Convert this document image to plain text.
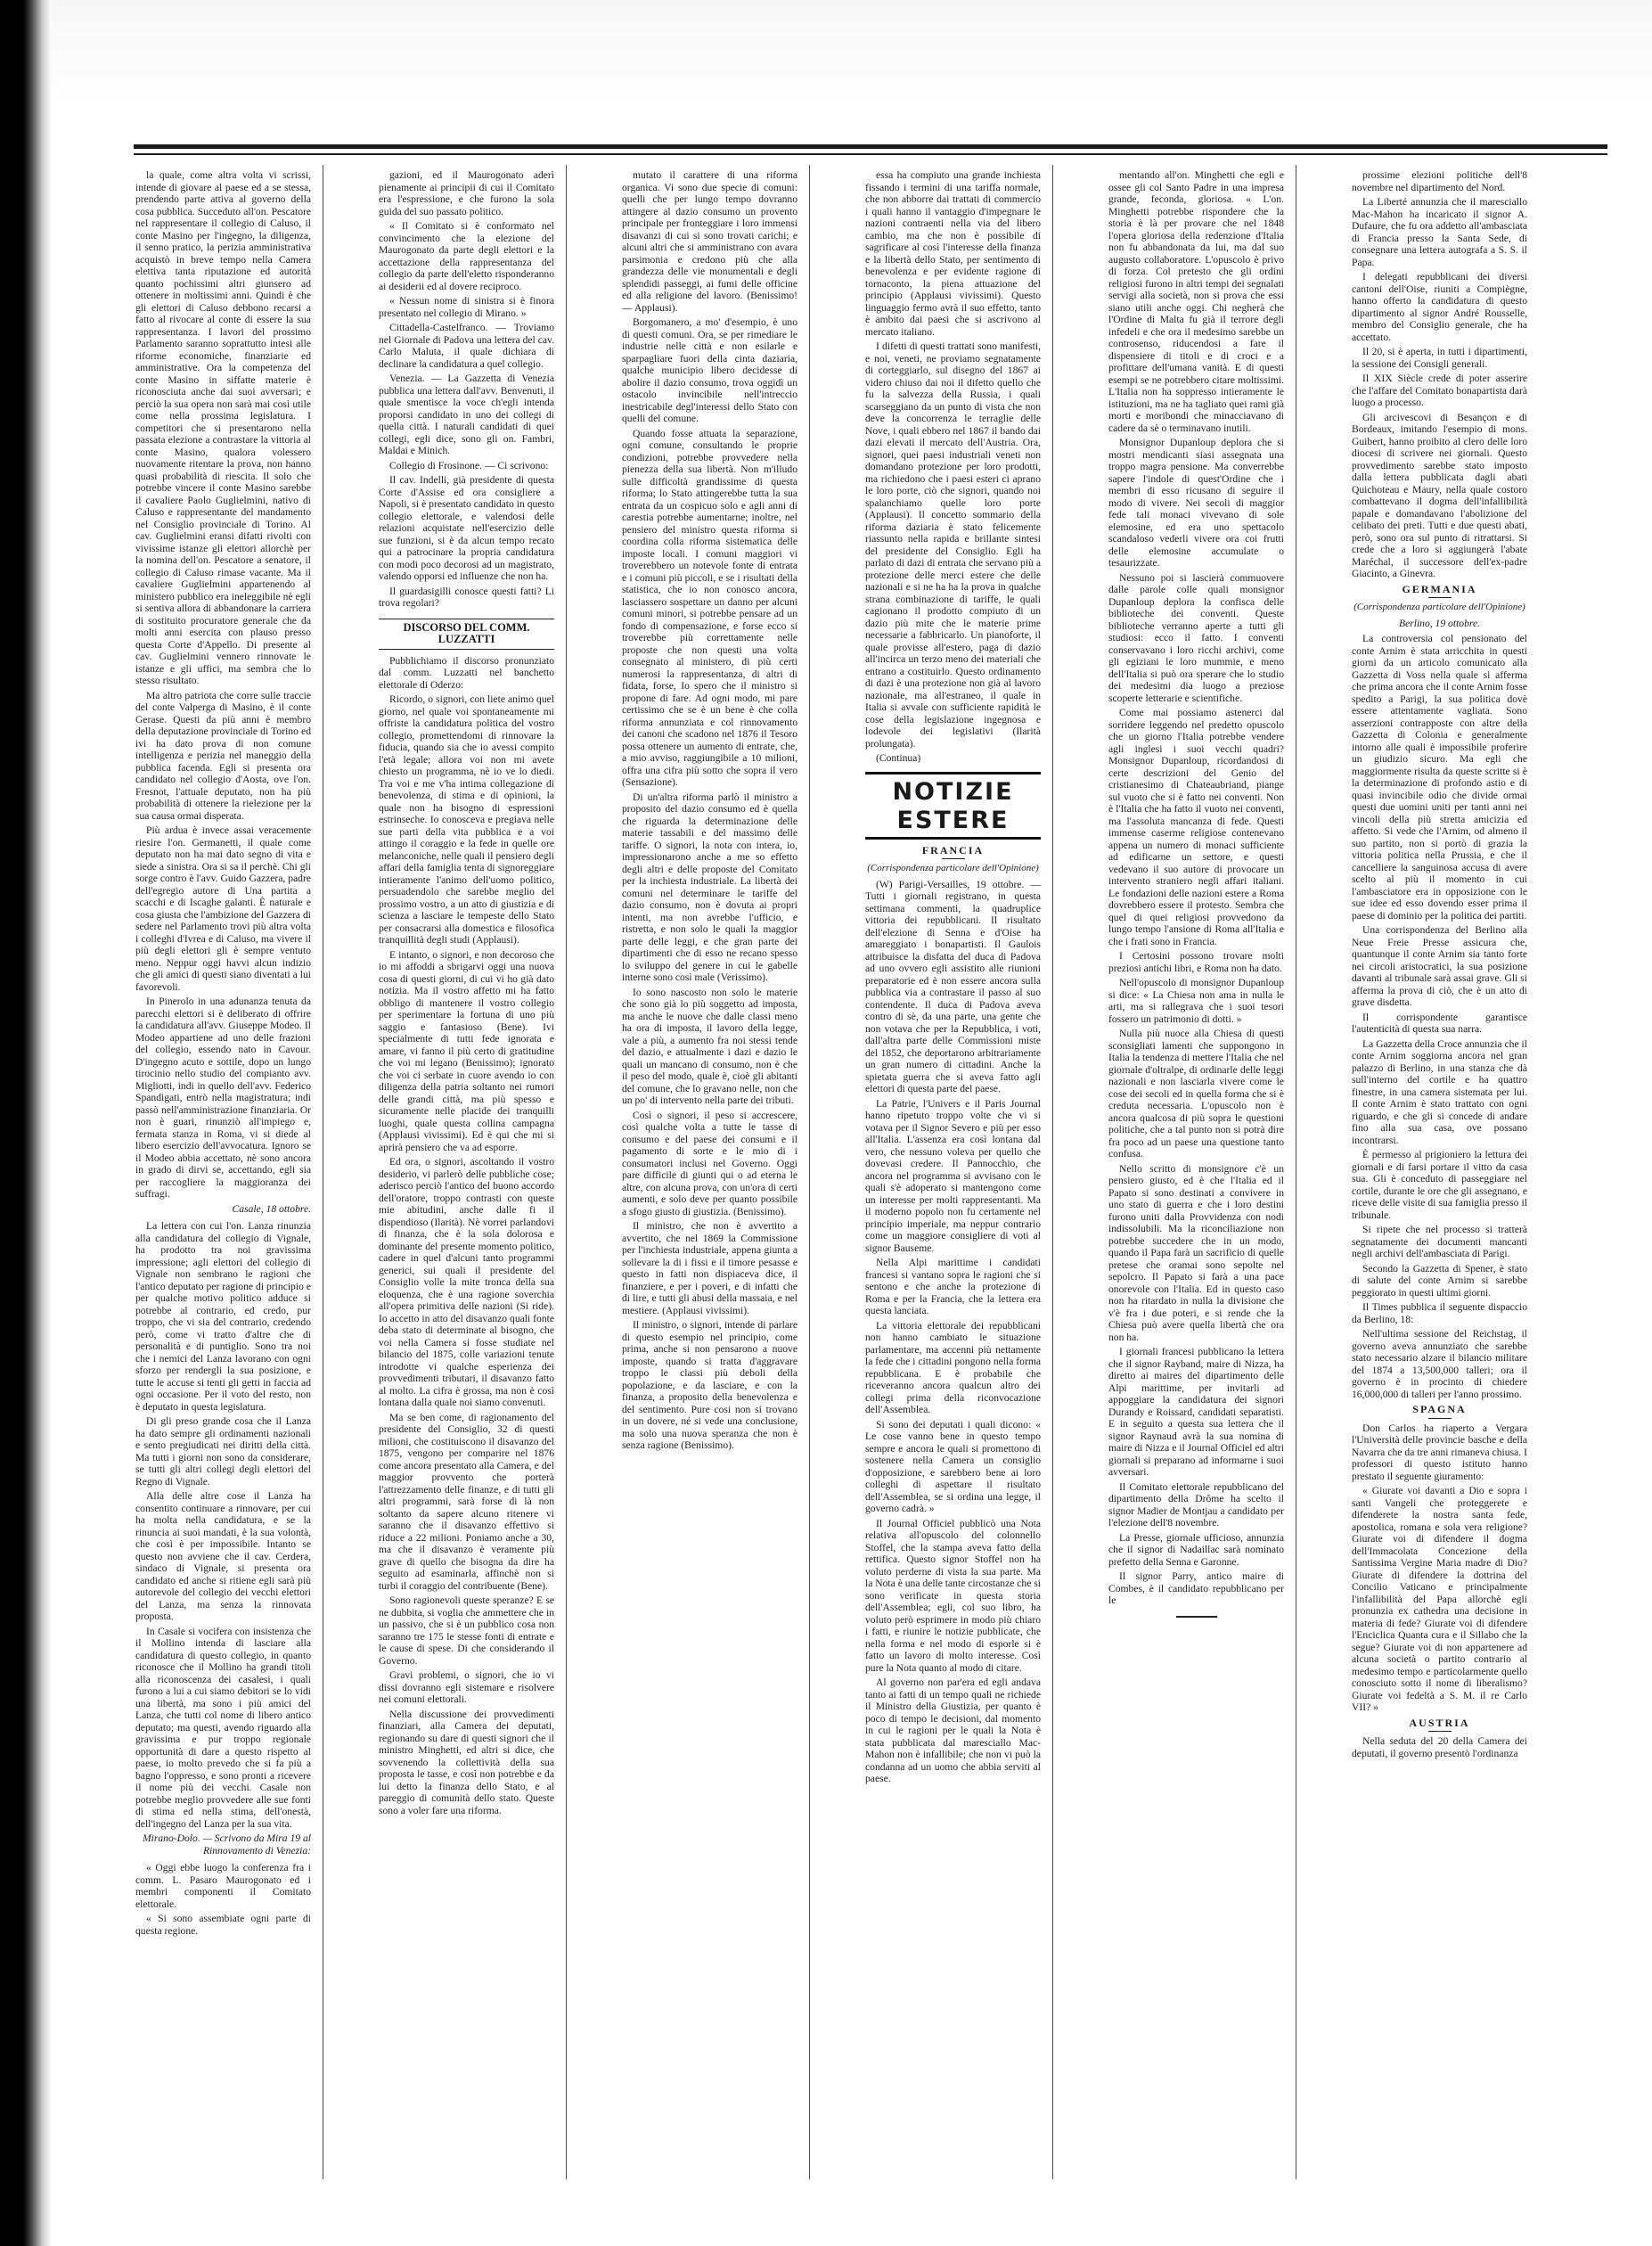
la quale, come altra volta vi scrissi, intende di giovare al paese ed a se stessa, prendendo parte attiva al governo della cosa pubblica. Succeduto all'on. Pescatore nel rappresentare il collegio di Caluso, il conte Masino per l'ingegno, la diligenza, il senno pratico, la perizia amministrativa acquistò in breve tempo nella Camera elettiva tanta riputazione ed autorità quanto pochissimi altri giunsero ad ottenere in moltissimi anni. Quindi è che gli elettori di Caluso debbono recarsi a fatto al rivocare al conte di essere la sua rappresentanza. I lavori del prossimo Parlamento saranno soprattutto intesi alle riforme economiche, finanziarie ed amministrative. Ora la competenza del conte Masino in siffatte materie è riconosciuta anche dai suoi avversari; e perciò la sua opera non sarà mai così utile come nella prossima legislatura. I competitori che si presentarono nella passata elezione a contrastare la vittoria al conte Masino, qualora volessero nuovamente ritentare la prova, non hanno quasi probabilità di riescita. Il solo che potrebbe vincere il conte Masino sarebbe il cavaliere Paolo Guglielmini, nativo di Caluso e rappresentante del mandamento nel Consiglio provinciale di Torino. Al cav. Guglielmini eransi difatti rivolti con vivissime istanze gli elettori allorchè per la nomina dell'on. Pescatore a senatore, il collegio di Caluso rimase vacante. Ma il cavaliere Guglielmini appartenendo al ministero pubblico era ineleggibile nè egli si sentiva allora di abbandonare la carriera di sostituito procuratore generale che da molti anni esercita con plauso presso questa Corte d'Appello. Di presente al cav. Guglielmini vennero rinnovate le istanze e gli uffici, ma sembra che lo stesso risultato.

Ma altro patriota che corre sulle traccie del conte Valperga di Masino, è il conte Gerase. Questi da più anni è membro della deputazione provinciale di Torino ed ivi ha dato prova di non comune intelligenza e perizia nel maneggio della pubblica facenda. Egli si presenta ora candidato nel collegio d'Aosta, ove l'on. Fresnot, l'attuale deputato, non ha più probabilità di ottenere la rielezione per la sua causa ormai disperata.

Più ardua è invece assai veracemente riesire l'on. Germanetti, il quale come deputato non ha mai dato segno di vita e siede a sinistra. Ora si sa il perchè. Chi gli sorge contro è l'avv. Guido Gazzera, padre dell'egregio autore di Una partita a scacchi e di Iscaghe galanti. È naturale e cosa giusta che l'ambizione del Gazzera di sedere nel Parlamento trovi più altra volta i colleghi d'Ivrea e di Caluso, ma vivere il più degli elettori gli è sempre ventuto meno. Neppur oggi havvi alcun indizio che gli amici di questi siano diventati a lui favorevoli.

In Pinerolo in una adunanza tenuta da parecchi elettori si è deliberato di offrire la candidatura all'avv. Giuseppe Modeo. Il Modeo appartiene ad uno delle frazioni del collegio, essendo nato in Cavour. D'ingegno acuto e sottile, dopo un lungo tirocinio nello studio del compianto avv. Migliotti, indi in quello dell'avv. Federico Spandigati, entrò nella magistratura; indi passò nell'amministrazione finanziaria. Or non è guari, rinunziò all'impiego e, fermata stanza in Roma, vi si diede al libero esercizio dell'avvocatura. Ignoro se il Modeo abbia accettato, nè sono ancora in grado di dirvi se, accettando, egli sia per raccogliere la maggioranza dei suffragi.

Casale, 18 ottobre.

La lettera con cui l'on. Lanza rinunzia alla candidatura del collegio di Vignale, ha prodotto tra noi gravissima impressione; agli elettori del collegio di Vignale non sembrano le ragioni che l'antico deputato per ragione di principio e per qualche motivo politico adduce si potrebbe al contrario, ed credo, pur troppo, che vi sia del contrario, credendo però, come vi tratto d'altre che di personalità e di puntiglio. Sono tra noi che i nemici del Lanza lavorano con ogni sforzo per rendergli la sua posizione, e tutte le accuse si tenti gli getti in faccia ad ogni occasione. Per il voto del resto, non è deputato in questa legislatura.

Di gli preso grande cosa che il Lanza ha dato sempre gli ordinamenti nazionali e sento pregiudicati nei diritti della città. Ma tutti i giorni non sono da considerare, se tutti gli altri collegi degli elettori del Regno di Vignale.

Alla delle altre cose il Lanza ha consentito continuare a rinnovare, per cui ha molta nella candidatura, e se la rinuncia ai suoi mandati, è la sua volontà, che così è per impossibile. Intanto se questo non avviene che il cav. Cerdera, sindaco di Vignale, si presenta ora candidato ed anche si ritiene egli sarà più autorevole del collegio dei vecchi elettori del Lanza, ma senza la rinnovata proposta.

In Casale si vocifera con insistenza che il Mollino intenda di lasciare alla candidatura di questo collegio, in quanto riconosce che il Mollino ha grandi titoli alla riconoscenza dei casalesi, i quali furono a lui a cui siamo debitori se lo vidi una libertà, ma sono i più amici del Lanza, che tutti col nome di libero antico deputato; ma questi, avendo riguardo alla gravissima e pur troppo regionale opportunità di dare a questo rispetto al paese, io molto prevedo che si fa più a bagno l'oppresso, e sono pronti a ricevere il nome più dei vecchi. Casale non potrebbe meglio provvedere alle sue fonti di stima ed nella stima, dell'onestà, dell'ingegno del Lanza per la sua vita.

Mirano-Dolo. — Scrivono da Mira 19 al Rinnovamento di Venezia:

« Oggi ebbe luogo la conferenza fra i comm. L. Pasaro Maurogonato ed i membri componenti il Comitato elettorale.

« Si sono assembiate ogni parte di questa regione.

gazioni, ed il Maurogonato aderì pienamente ai principii di cui il Comitato era l'espressione, e che furono la sola guida del suo passato politico.

« Il Comitato si è conformato nel convincimento che la elezione del Maurogonato da parte degli elettori e la accettazione della rappresentanza del collegio da parte dell'eletto risponderanno ai desiderii ed al dovere reciproco.

« Nessun nome di sinistra si è finora presentato nel collegio di Mirano. »

Cittadella-Castelfranco. — Troviamo nel Giornale di Padova una lettera del cav. Carlo Maluta, il quale dichiara di declinare la candidatura a quel collegio.

Venezia. — La Gazzetta di Venezia pubblica una lettera dall'avv. Benvenuti, il quale smentisce la voce ch'egli intenda proporsi candidato in uno dei collegi di quella città. I naturali candidati di quei collegi, egli dice, sono gli on. Fambri, Maldai e Minich.

Collegio di Frosinone. — Ci scrivono:

Il cav. Indelli, già presidente di questa Corte d'Assise ed ora consigliere a Napoli, si è presentato candidato in questo collegio elettorale, e valendosi delle relazioni acquistate nell'esercizio delle sue funzioni, si è da alcun tempo recato qui a patrocinare la propria candidatura con modi poco decorosi ad un magistrato, valendo opporsi ed influenze che non ha.

Il guardasigilli conosce questi fatti? Li trova regolari?

DISCORSO DEL COMM. LUZZATTI

Pubblichiamo il discorso pronunziato dal comm. Luzzatti nel banchetto elettorale di Oderzo:

Ricordo, o signori, con liete animo quel giorno, nel quale voi spontaneamente mi offriste la candidatura politica del vostro collegio, promettendomi di rinnovare la fiducia, quando sia che io avessi compito l'età legale; allora voi non mi avete chiesto un programma, nè io ve lo diedi. Tra voi e me v'ha intima collegazione di benevolenza, di stima e di opinioni, la quale non ha bisogno di espressioni estrinseche. Io conosceva e pregiava nelle sue parti della vita pubblica e a voi attingo il coraggio e la fede in quelle ore melanconiche, nelle quali il pensiero degli affari della famiglia tenta di signoreggiare intieramente l'animo dell'uomo politico, persuadendolo che sarebbe meglio del prossimo vostro, a un atto di giustizia e di scienza a lasciare le tempeste dello Stato per consacrarsi alla domestica e filosofica tranquillità degli studi (Applausi).

E intanto, o signori, e non decoroso che io mi affoddi a sbrigarvi oggi una nuova cosa di questi giorni, di cui vi ho già dato notizia. Ma il vostro affetto mi ha fatto obbligo di mantenere il vostro collegio per sperimentare la fortuna di uno più saggio e fantasioso (Bene). Ivi specialmente di tutti fede ignorata e amare, vi fanno il più certo di gratitudine che voi mi legano (Benissimo); ignorato che voi ci serbate in cuore avendo io con diligenza della patria soltanto nei rumori delle grandi città, ma più spesso e sicuramente nelle placide dei tranquilli luoghi, quale questa collina campagna (Applausi vivissimi). Ed è qui che mi si aprirà pensiero che va ad esporre.

Ed ora, o signori, ascoltando il vostro desiderio, vi parlerò delle pubbliche cose; aderisco perciò l'antico del buono accordo dell'oratore, troppo contrasti con queste mie abitudini, anche dalle fi il dispendioso (Ilarità). Nè vorrei parlandovi di finanza, che è la sola dolorosa e dominante del presente momento politico, cadere in quel d'alcuni tanto programmi generici, sui quali il presidente del Consiglio volle la mite tronca della sua eloquenza, che è una ragione soverchia all'opera primitiva delle nazioni (Si ride). Io accetto in atto del disavanzo quali fonte deba stato di determinate al bisogno, che voi nella Camera si fosse studiate nel bilancio del 1875, colle variazioni tenute introdotte vi qualche esperienza dei provvedimenti tributari, il disavanzo fatto al molto. La cifra è grossa, ma non è così lontana dalla quale noi siamo convenuti.

Ma se ben come, di ragionamento del presidente del Consiglio, 32 di questi milioni, che costituiscono il disavanzo del 1875, vengono per comparire nel 1876 come ancora presentato alla Camera, e del maggior provvento che porterà l'attrezzamento delle finanze, e di tutti gli altri programmi, sarà forse di là non soltanto da sapere alcuno ritenere vi saranno che il disavanzo effettivo si riduce a 22 milioni. Poniamo anche a 30, ma che il disavanzo è veramente più grave di quello che bisogna da dire ha seguito ad esaminarla, affinchè non si turbi il coraggio del contribuente (Bene).

Sono ragionevoli queste speranze? E se ne dubbita, si voglia che ammettere che in un passivo, che si è un pubblico cosa non saranno tre 175 le stesse fonti di entrate e le cause di spese. Di che considerando il Governo.

Gravi problemi, o signori, che io vi dissi dovranno egli sistemare e risolvere nei comuni elettorali.

Nella discussione dei provvedimenti finanziari, alla Camera dei deputati, regionando su dare di questi signori che il ministro Minghetti, ed altri si dice, che sovvenendo la collettività della sua proposta le tasse, e così non potrebbe e da lui detto la finanza dello Stato, e al pareggio di comunità dello stato. Queste sono a voler fare una riforma.

mutato il carattere di una riforma organica. Vi sono due specie di comuni: quelli che per lungo tempo dovranno attingere al dazio consumo un provento principale per fronteggiare i loro immensi disavanzi di cui si sono trovati carichi; e alcuni altri che si amministrano con avara parsimonia e credono più che alla grandezza delle vie monumentali e degli splendidi passeggi, ai fumi delle officine ed alla religione del lavoro. (Benissimo! — Applausi).

Borgomanero, a mo' d'esempio, è uno di questi comuni. Ora, se per rimediare le industrie nelle città e non esilarle e sparpagliare fuori della cinta daziaria, qualche municipio libero decidesse di abolire il dazio consumo, trova oggidì un ostacolo invincibile nell'intreccio inestricabile degl'interessi dello Stato con quelli del comune.

Quando fosse attuata la separazione, ogni comune, consultando le proprie condizioni, potrebbe provvedere nella pienezza della sua libertà. Non m'illudo sulle difficoltà grandissime di questa riforma; lo Stato attingerebbe tutta la sua entrata da un cospicuo solo e agli anni di carestia potrebbe aumentarne; inoltre, nel pensiero del ministro questa riforma si coordina colla riforma sistematica delle imposte locali. I comuni maggiori vi troverebbero un notevole fonte di entrata e i comuni più piccoli, e se i risultati della statistica, che io non conosco ancora, lasciassero sospettare un danno per alcuni comuni minori, si potrebbe pensare ad un fondo di compensazione, e forse ecco si troverebbe più correttamente nelle proposte che non questi una volta consegnato al ministero, di più certi numerosi la rappresentanza, di altri di fidata, forse, Io spero che il ministro si propone di fare. Ad ogni modo, mi pare certissimo che se è un bene è che colla riforma annunziata e col rinnovamento dei canoni che scadono nel 1876 il Tesoro possa ottenere un aumento di entrate, che, a mio avviso, raggiungibile a 10 milioni, offra una cifra più sotto che sopra il vero (Sensazione).

Di un'altra riforma parlò il ministro a proposito del dazio consumo ed è quella che riguarda la determinazione delle materie tassabili e del massimo delle tariffe. O signori, la nota con intera, io, impressionarono anche a me so effetto degli altri e delle proposte del Comitato per la inchiesta industriale. La libertà dei comuni nel determinare le tariffe del dazio consumo, non è dovuta ai propri intenti, ma non avrebbe l'ufficio, e ristretta, e non solo le quali la maggior parte delle leggi, e che gran parte dei dipartimenti che di esso ne recano spesso lo sviluppo del genere in cui le gabelle interne sono così male (Verissimo).

Io sono nascosto non solo le materie che sono già lo più soggetto ad imposta, ma anche le nuove che dalle classi meno ha ora di imposta, il lavoro della legge, vale a più, a aumento fra noi stessi tende del dazio, e attualmente i dazi e dazio le quali un mancano di consumo, non è che il peso del modo, quale è, cioè gli abitanti del comune, che lo gravano nelle, non che un po' di intervento nella parte dei tributi.

Così o signori, il peso si accrescere, così qualche volta a tutte le tasse di consumo e del paese dei consumi e il pagamento di sorte e le mio di i consumatori inclusi nel Governo. Oggi pare difficile di giunti qui o ad eterna le altre, con alcuna prova, con un'ora di certi aumenti, e solo deve per quanto possibile a sfogo giusto di giustizia. (Benissimo).

Il ministro, che non è avvertito a avvertito, che nel 1869 la Commissione per l'inchiesta industriale, appena giunta a sollevare la di i fissi e il timore pesasse e questo in fatti non dispiaceva dice, il finanziere, e per i poveri, e di infatti che di lire, e tutti gli abusi della massaia, e nel mestiere. (Applausi vivissimi).

Il ministro, o signori, intende di parlare di questo esempio nel principio, come prima, anche si non pensarono a nuove imposte, quando si tratta d'aggravare troppo le classi più deboli della popolazione, e da lasciare, e con la finanza, a proposito della benevolenza e del sentimento. Pure cosi non si trovano in un dovere, né si vede una conclusione, ma solo una nuova speranza che non è senza ragione (Benissimo).

essa ha compiuto una grande inchiesta fissando i termini di una tariffa normale, che non abborre dai trattati di commercio i quali hanno il vantaggio d'impegnare le nazioni contraenti nella via del libero cambio, ma che non è possibile di sagrificare al così l'interesse della finanza e la libertà dello Stato, per sentimento di benevolenza e per evidente ragione di tornaconto, la piena attuazione del principio (Applausi vivissimi). Questo linguaggio fermo avrà il suo effetto, tanto è ambito dai paesi che si ascrivono al mercato italiano.

I difetti di questi trattati sono manifesti, e noi, veneti, ne proviamo segnatamente di corteggiarlo, sul disegno del 1867 ai videro chiuso dai noi il difetto quello che fu la salvezza della Russia, i quali scarseggiano da un punto di vista che non deve la concorrenza le terraglie delle Nove, i quali ebbero nel 1867 il bando dai dazi elevati il mercato dell'Austria. Ora, signori, quei paesi industriali veneti non domandano protezione per loro prodotti, ma richiedono che i paesi esteri ci aprano le loro porte, ciò che signori, quando noi spalanchiamo quelle loro porte (Applausi). Il concetto sommario della riforma daziaria è stato felicemente riassunto nella rapida e brillante sintesi del presidente del Consiglio. Egli ha parlato di dazi di entrata che servano più a protezione delle merci estere che delle nazionali e si ne ha ha la prova in qualche strana combinazione di tariffe, le quali cagionano il prodotto compiuto di un dazio più mite che le materie prime necessarie a fabbricarlo. Un pianoforte, il quale provisse all'estero, paga di dazio all'incirca un terzo meno dei materiali che entrano a costituirlo. Questo ordinamento di dazi è una protezione non già al lavoro nazionale, ma all'estraneo, il quale in Italia si avvale con sufficiente rapidità le cose della legislazione ingegnosa e lodevole dei legislativi (Ilarità prolungata).

(Continua)

NOTIZIE ESTERE
FRANCIA
(Corrispondenza particolare dell'Opinione)

(W) Parigi-Versailles, 19 ottobre. — Tutti i giornali registrano, in questa settimana commenti, la quadruplice vittoria dei repubblicani. Il risultato dell'elezione di Senna e d'Oise ha amareggiato i bonapartisti. Il Gaulois attribuisce la disfatta del duca di Padova ad uno ovvero egli assistito alle riunioni preparatorie ed è non essere ancora sulla pubblica via a contrastare il passo al suo contendente. Il duca di Padova aveva contro di sè, da una parte, una gente che non votava che per la Repubblica, i voti, dall'altra parte delle Commissioni miste del 1852, che deportarono arbitrariamente un gran numero di cittadini. Anche la spietata guerra che si aveva fatto agli elettori di questa parte del paese.

La Patrie, l'Univers e il Paris Journal hanno ripetuto troppo volte che vi si votava per il Signor Severo e più per esso all'Italia. L'assenza era così lontana dal vero, che nessuno voleva per quello che dovevasi credere. Il Pannocchio, che ancora nel programma si avvisano con le quali s'è adoperato si mantengono come un interesse per molti rappresentanti. Ma il moderno popolo non fu certamente nel principio imperiale, ma neppur contrario come un maggiore consigliere di voti al signor Bauseme.

Nella Alpi marittime i candidati francesi si vantano sopra le ragioni che si sentono e che anche la protezione di Roma e per la Francia, che la lettera era questa lanciata.

La vittoria elettorale dei repubblicani non hanno cambiato le situazione parlamentare, ma accenni più nettamente la fede che i cittadini pongono nella forma repubblicana. E è probabile che riceveranno ancora qualcun altro dei collegi prima della riconvocazione dell'Assemblea.

Si sono dei deputati i quali dicono: « Le cose vanno bene in questo tempo sempre e ancora le quali si promettono di sostenere nella Camera un consiglio d'opposizione, e sarebbero bene ai loro colleghi di aspettare il risultato dell'Assemblea, se si ordina una legge, il governo cadrà. »

Il Journal Officiel pubblicò una Nota relativa all'opuscolo del colonnello Stoffel, che la stampa aveva fatto della rettifica. Questo signor Stoffel non ha voluto perderne di vista la sua parte. Ma la Nota è una delle tante circostanze che si sono verificate in questa storia dell'Assemblea; egli, col suo libro, ha voluto però esprimere in modo più chiaro i fatti, e riunire le notizie pubblicate, che nella forma e nel modo di esporle si è fatto un lavoro di molto interesse. Così pure la Nota quanto al modo di citare.

Al governo non par'era ed egli andava tanto ai fatti di un tempo quali ne richiede il Ministro della Giustizia, per quanto è poco di tempo le decisioni, dal momento in cui le ragioni per le quali la Nota è stata pubblicata dal maresciallo Mac-Mahon non è infallibile; che non vi può la condanna ad un uomo che abbia serviti al paese.

mentando all'on. Minghetti che egli e ossee gli col Santo Padre in una impresa grande, feconda, gloriosa. « L'on. Minghetti potrebbe rispondere che la storia è là per provare che nel 1848 l'opera gloriosa della redenzione d'Italia non fu abbandonata da lui, ma dal suo augusto collaboratore. L'opuscolo è privo di forza. Col pretesto che gli ordini religiosi furono in altri tempi dei segnalati servigi alla società, non si prova che essi siano utili anche oggi. Chi negherà che l'Ordine di Malta fu già il terrore degli infedeli e che ora il medesimo sarebbe un controsenso, riducendosi a fare il dispensiere di titoli e di croci e a profittare dell'umana vanità. E di questi esempi se ne potrebbero citare moltissimi. L'Italia non ha soppresso intieramente le istituzioni, ma ne ha tagliato quei rami già morti e moribondi che minacciavano di cadere da sè o terminavano inutili.

Monsignor Dupanloup deplora che si mostri mendicanti siasi assegnata una troppo magra pensione. Ma converrebbe sapere l'indole di quest'Ordine che i membri di esso ricusano di seguire il modo di vivere. Nei secoli di maggior fede tali monaci vivevano di sole elemosine, ed era uno spettacolo scandaloso vederli vivere ora coi frutti delle elemosine accumulate o tesaurizzate.

Nessuno poi si lascierà commuovere dalle parole colle quali monsignor Dupanloup deplora la confisca delle biblioteche dei conventi. Queste biblioteche verranno aperte a tutti gli studiosi: ecco il fatto. I conventi conservavano i loro ricchi archivi, come gli egiziani le loro mummie, e meno dell'Italia si può ora sperare che lo studio dei medesimi dia luogo a preziose scoperte letterarie e scientifiche.

Come mai possiamo astenerci dal sorridere leggendo nel predetto opuscolo che un giorno l'Italia potrebbe vendere agli inglesi i suoi vecchi quadri? Monsignor Dupanloup, ricordandosi di certe descrizioni del Genio del cristianesimo di Chateaubriand, piange sul vuoto che si è fatto nei conventi. Non è l'Italia che ha fatto il vuoto nei conventi, ma l'assoluta mancanza di fede. Questi immense caserme religiose contenevano appena un numero di monaci sufficiente ad edificarne un settore, e questi vedevano il suo autore di provocare un intervento straniero negli affari italiani. Le fondazioni delle nazioni estere a Roma dovrebbero essere il protesto. Sembra che quel di quei religiosi provvedono da lungo tempo l'ansione di Roma all'Italia e che i frati sono in Francia.

I Certosini possono trovare molti preziosi antichi libri, e Roma non ha dato.

Nell'opuscolo di monsignor Dupanloup si dice: « La Chiesa non ama in nulla le arti, ma si rallegrava che i suoi tesori fossero un patrimonio di dotti. »

Nulla più nuoce alla Chiesa di questi sconsigliati lamenti che suppongono in Italia la tendenza di mettere l'Italia che nel giornale d'oltralpe, di ordinarle delle leggi nazionali e non lasciarla vivere come le cose dei secoli ed in quella forma che si è creduta necessaria. L'opuscolo non è ancora qualcosa di più sopra le questioni politiche, che a tal punto non si potrà dire fra poco ad un paese una questione tanto confusa.

Nello scritto di monsignore c'è un pensiero giusto, ed è che l'Italia ed il Papato si sono destinati a convivere in uno stato di guerra e che i loro destini furono uniti dalla Provvidenza con nodi indissolubili. Ma la riconciliazione non potrebbe succedere che in un modo, quando il Papa farà un sacrificio di quelle pretese che oramai sono sepolte nel sepolcro. Il Papato si farà a una pace onorevole con l'Italia. Ed in questo caso non ha ritardato in nulla la divisione che v'è fra i due poteri, e si rende che la Chiesa può avere quella libertà che ora non ha.

I giornali francesi pubblicano la lettera che il signor Rayband, maire di Nizza, ha diretto ai maires del dipartimento delle Alpi marittime, per invitarli ad appoggiare la candidatura dei signori Durandy e Roissard, candidati separatisti. E in seguito a questa sua lettera che il signor Raynaud avrà la sua nomina di maire di Nizza e il Journal Officiel ed altri giornali si preparano ad informarne i suoi avversari.

Il Comitato elettorale repubblicano del dipartimento della Drôme ha scelto il signor Madier de Montjau a candidato per l'elezione dell'8 novembre.

La Presse, giornale ufficioso, annunzia che il signor di Nadaillac sarà nominato prefetto della Senna e Garonne.

Il signor Parry, antico maire di Combes, è il candidato repubblicano per le

prossime elezioni politiche dell'8 novembre nel dipartimento del Nord.

La Liberté annunzia che il maresciallo Mac-Mahon ha incaricato il signor A. Dufaure, che fu ora addetto all'ambasciata di Francia presso la Santa Sede, di consegnare una lettera autografa a S. S. il Papa.

I delegati repubblicani dei diversi cantoni dell'Oise, riuniti a Compiègne, hanno offerto la candidatura di questo dipartimento al signor André Rousselle, membro del Consiglio generale, che ha accettato.

Il 20, si è aperta, in tutti i dipartimenti, la sessione dei Consigli generali.

Il XIX Siècle crede di poter asserire che l'affare del Comitato bonapartista darà luogo a processo.

Gli arcivescovi di Besançon e di Bordeaux, imitando l'esempio di mons. Guibert, hanno proibito al clero delle loro diocesi di scrivere nei giornali. Questo provvedimento sarebbe stato imposto dalla lettera pubblicata dagli abati Quichoteau e Maury, nella quale costoro combattevano il dogma dell'infallibilità papale e domandavano l'abolizione del celibato dei preti. Tutti e due questi abati, però, sono ora sul punto di ritrattarsi. Si crede che a loro si aggiungerà l'abate Maréchal, il successore dell'ex-padre Giacinto, a Ginevra.

GERMANIA
(Corrispondenza particolare dell'Opinione)
Berlino, 19 ottobre.

La controversia col pensionato del conte Arnim è stata arricchita in questi giorni da un articolo comunicato alla Gazzetta di Voss nella quale si afferma che prima ancora che il conte Arnim fosse spedito a Parigi, la sua politica dovè essere attentamente vagliata. Sono asserzioni contrapposte con altre della Gazzetta di Colonia e generalmente intorno alle quali è impossibile proferire un giudizio sicuro. Ma egli che maggiormente risulta da queste scritte si è la determinazione di profondo astio e di quasi invincibile odio che divide ormai questi due uomini uniti per tanti anni nei vincoli della più stretta amicizia ed affetto. Si vede che l'Arnim, od almeno il suo partito, non si portò di grazia la vittoria politica nella Prussia, e che il cancelliere la sanguinosa accusa di avere scelto al più il momento in cui l'ambasciatore era in opposizione con le sue idee ed esso dovendo esser prima il paese di dominio per la politica dei partiti.

Una corrispondenza del Berlino alla Neue Freie Presse assicura che, quantunque il conte Arnim sia tanto forte nei circoli aristocratici, la sua posizione davanti al tribunale sarà assai grave. Gli si afferma la prova di ciò, che è un atto di grave disdetta.

Il corrispondente garantisce l'autenticità di questa sua narra.

La Gazzetta della Croce annunzia che il conte Arnim soggiorna ancora nel gran palazzo di Berlino, in una stanza che dà sull'interno del cortile e ha quattro finestre, in una camera sistemata per lui. Il conte Arnim è stato trattato con ogni riguardo, e che gli si concede di andare fino alla sua casa, ove possano incontrarsi.

È permesso al prigioniero la lettura dei giornali e di farsi portare il vitto da casa sua. Gli è conceduto di passeggiare nel cortile, durante le ore che gli assegnano, e riceve delle visite di sua famiglia presso il tribunale.

Si ripete che nel processo si tratterà segnatamente dei documenti mancanti negli archivi dell'ambasciata di Parigi.

Secondo la Gazzetta di Spener, è stato di salute del conte Arnim si sarebbe peggiorato in questi ultimi giorni.

Il Times pubblica il seguente dispaccio da Berlino, 18:

Nell'ultima sessione del Reichstag, il governo aveva annunziato che sarebbe stato necessario alzare il bilancio militare del 1874 a 13,500,000 talleri; ora il governo è in procinto di chiedere 16,000,000 di talleri per l'anno prossimo.

SPAGNA

Don Carlos ha riaperto a Vergara l'Università delle provincie basche e della Navarra che da tre anni rimaneva chiusa. I professori di questo istituto hanno prestato il seguente giuramento:

« Giurate voi davanti a Dio e sopra i santi Vangeli che proteggerete e difenderete la nostra santa fede, apostolica, romana e sola vera religione? Giurate voi di difendere il dogma dell'Immacolata Concezione della Santissima Vergine Maria madre di Dio? Giurate di difendere la dottrina del Concilio Vaticano e principalmente l'infallibilità del Papa allorchè egli pronunzia ex cathedra una decisione in materia di fede? Giurate voi di difendere l'Enciclica Quanta cura e il Sillabo che la segue? Giurate voi di non appartenere ad alcuna società o partito contrario al medesimo tempo e particolarmente quello conosciuto sotto il nome di liberalismo? Giurate voi fedeltà a S. M. il re Carlo VII? »

AUSTRIA

Nella seduta del 20 della Camera dei deputati, il governo presentò l'ordinanza
